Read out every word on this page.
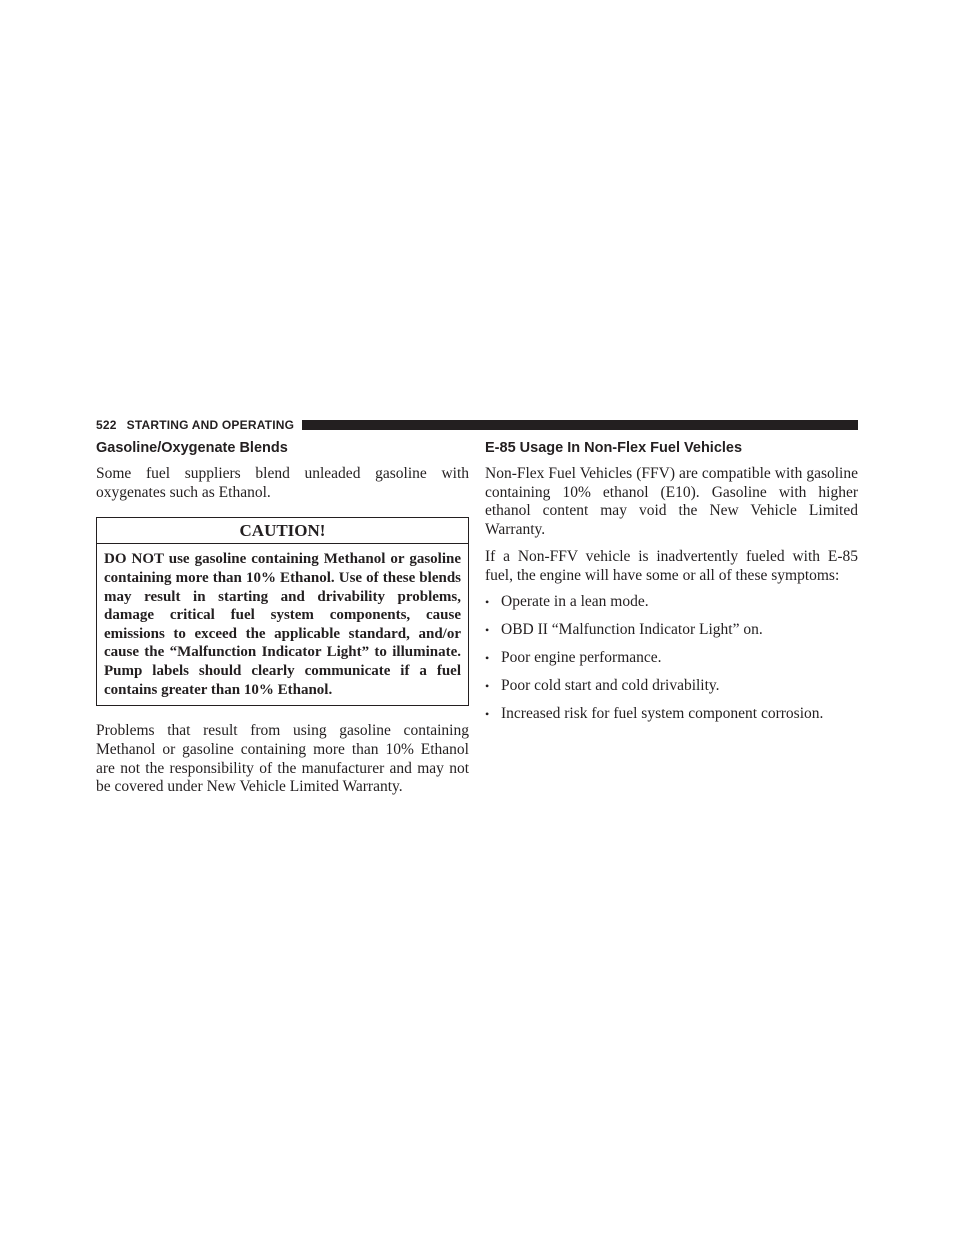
522 STARTING AND OPERATING
Gasoline/Oxygenate Blends

Some fuel suppliers blend unleaded gasoline with oxygenates such as Ethanol.

CAUTION!
DO NOT use gasoline containing Methanol or gasoline containing more than 10% Ethanol. Use of these blends may result in starting and drivability problems, damage critical fuel system components, cause emissions to exceed the applicable standard, and/or cause the “Malfunction Indicator Light” to illuminate. Pump labels should clearly communicate if a fuel contains greater than 10% Ethanol.

Problems that result from using gasoline containing Methanol or gasoline containing more than 10% Ethanol are not the responsibility of the manufacturer and may not be covered under New Vehicle Limited Warranty.

E-85 Usage In Non-Flex Fuel Vehicles

Non-Flex Fuel Vehicles (FFV) are compatible with gasoline containing 10% ethanol (E10). Gasoline with higher ethanol content may void the New Vehicle Limited Warranty.

If a Non-FFV vehicle is inadvertently fueled with E-85 fuel, the engine will have some or all of these symptoms:

• Operate in a lean mode.
• OBD II “Malfunction Indicator Light” on.
• Poor engine performance.
• Poor cold start and cold drivability.
• Increased risk for fuel system component corrosion.
